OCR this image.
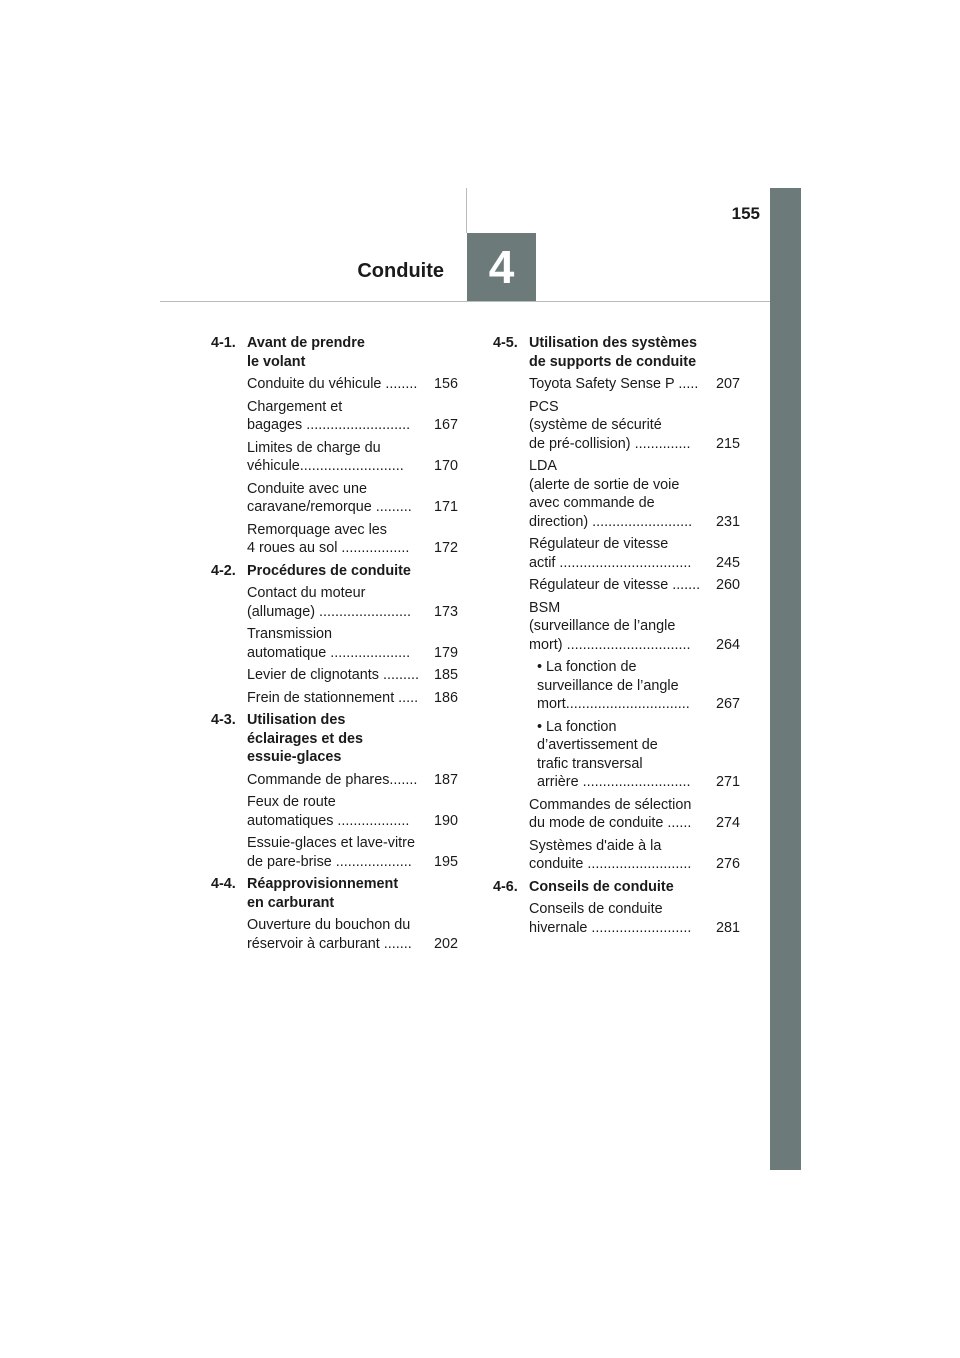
155
Conduite 4
4-1. Avant de prendre
le volant
Conduite du véhicule ........	156
Chargement et
bagages ..........................	167
Limites de charge du
véhicule..........................	170
Conduite avec une
caravane/remorque .........	171
Remorquage avec les
4 roues au sol .................	172
4-2. Procédures de conduite
Contact du moteur
(allumage) .......................	173
Transmission
automatique ....................	179
Levier de clignotants .........	185
Frein de stationnement .....	186
4-3. Utilisation des
éclairages et des
essuie-glaces
Commande de phares.......	187
Feux de route
automatiques ..................	190
Essuie-glaces et lave-vitre
de pare-brise ...................	195
4-4. Réapprovisionnement
en carburant
Ouverture du bouchon du
réservoir à carburant .......	202
4-5. Utilisation des systèmes
de supports de conduite
Toyota Safety Sense P .....	207
PCS
(système de sécurité
de pré-collision) ..............	215
LDA
(alerte de sortie de voie
avec commande de
direction) .........................	231
Régulateur de vitesse
actif .................................	245
Régulateur de vitesse .......	260
BSM
(surveillance de l’angle
mort) ...............................	264
• La fonction de
surveillance de l’angle
mort...............................	267
• La fonction
d’avertissement de
trafic transversal
arrière ...........................	271
Commandes de sélection
du mode de conduite ......	274
Systèmes d'aide à la
conduite ..........................	276
4-6. Conseils de conduite
Conseils de conduite
hivernale .........................	281
